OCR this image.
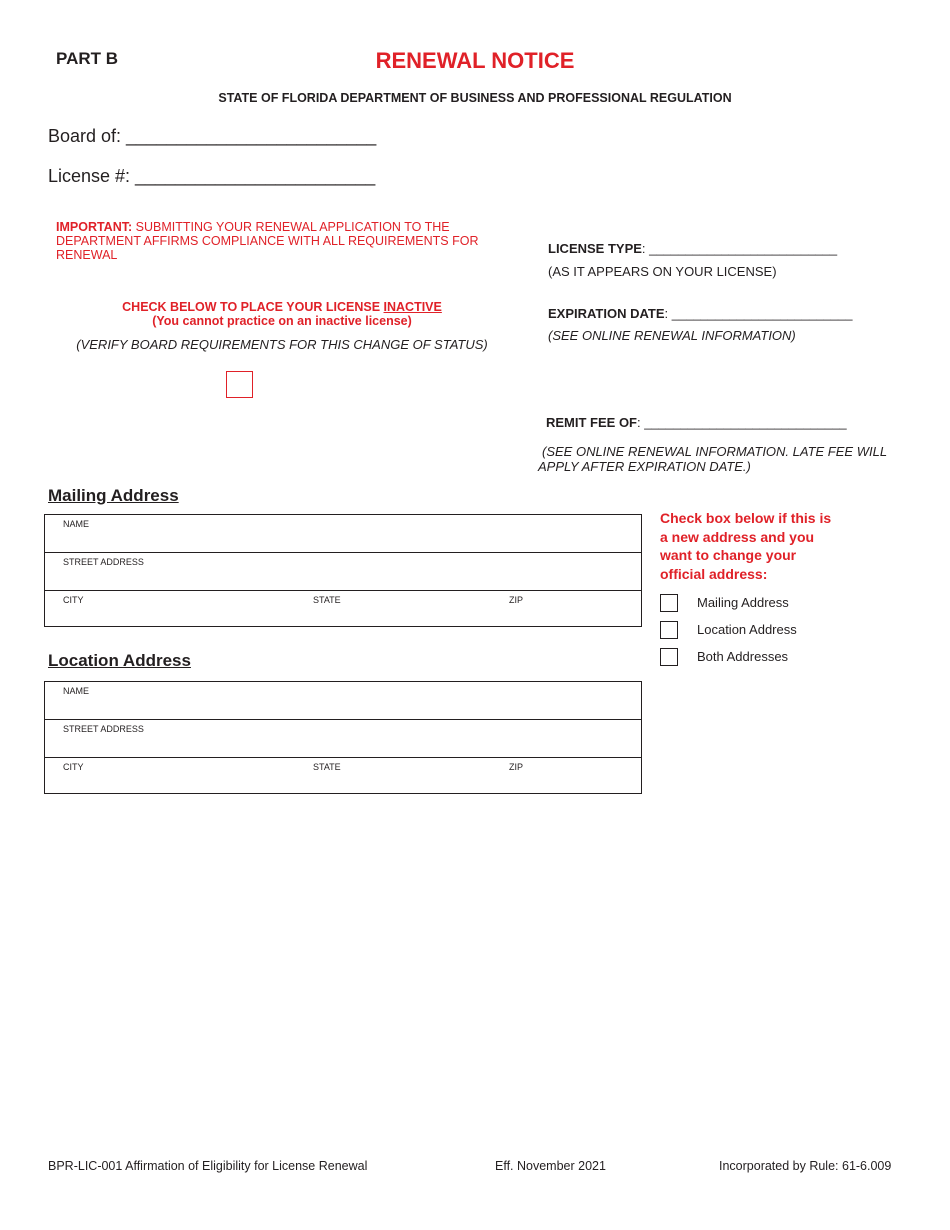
PART B	RENEWAL NOTICE
STATE OF FLORIDA DEPARTMENT OF BUSINESS AND PROFESSIONAL REGULATION
Board of: _________________________
License #: ________________________
IMPORTANT: SUBMITTING YOUR RENEWAL APPLICATION TO THE DEPARTMENT AFFIRMS COMPLIANCE WITH ALL REQUIREMENTS FOR RENEWAL
CHECK BELOW TO PLACE YOUR LICENSE INACTIVE
(You cannot practice on an inactive license)
(VERIFY BOARD REQUIREMENTS FOR THIS CHANGE OF STATUS)
LICENSE TYPE: __________________________
(AS IT APPEARS ON YOUR LICENSE)
EXPIRATION DATE: _________________________
(SEE ONLINE RENEWAL INFORMATION)
REMIT FEE OF: ____________________________
(SEE ONLINE RENEWAL INFORMATION. LATE FEE WILL APPLY AFTER EXPIRATION DATE.)
Mailing Address
NAME
STREET ADDRESS
CITY	STATE	ZIP
Location Address
NAME
STREET ADDRESS
CITY	STATE	ZIP
Check box below if this is a new address and you want to change your official address:
Mailing Address
Location Address
Both Addresses
BPR-LIC-001 Affirmation of Eligibility for License Renewal	Eff. November 2021	Incorporated by Rule: 61-6.009
